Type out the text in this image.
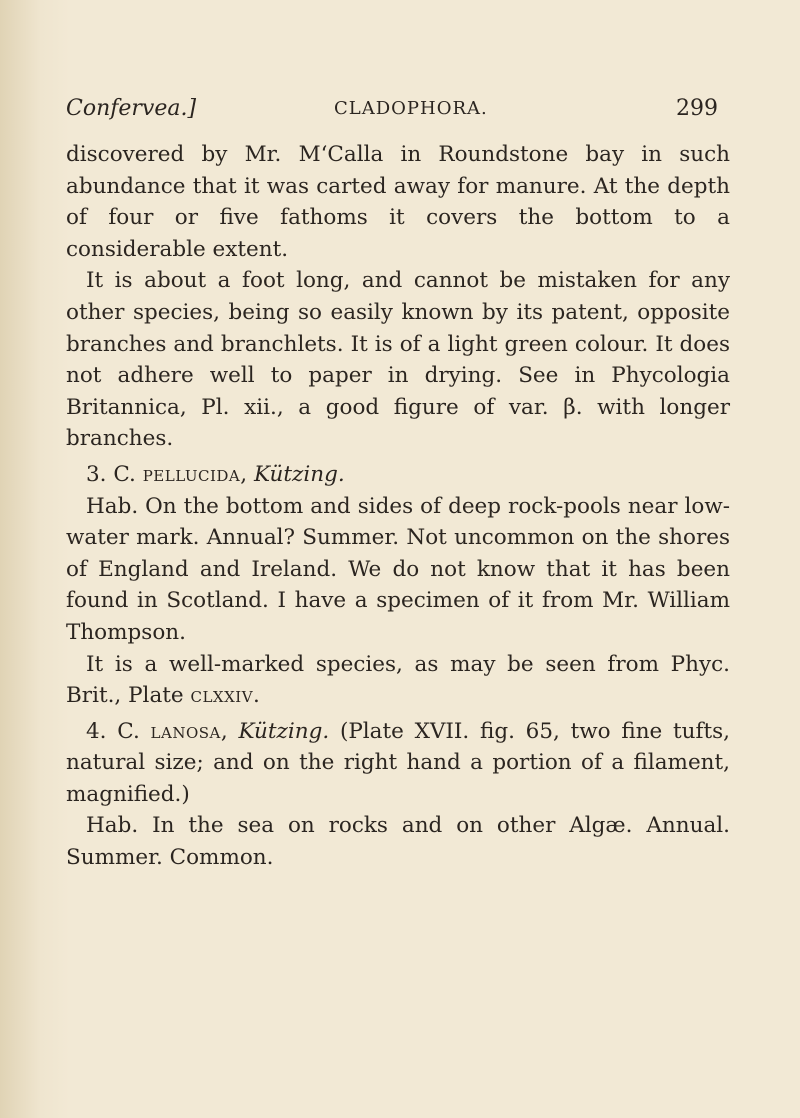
Confervea.]	CLADOPHORA.	299

discovered by Mr. M‘Calla in Roundstone bay in such abundance that it was carted away for manure. At the depth of four or five fathoms it covers the bottom to a considerable extent.

It is about a foot long, and cannot be mistaken for any other species, being so easily known by its patent, opposite branches and branchlets. It is of a light green colour. It does not adhere well to paper in drying. See in Phycologia Britannica, Pl. xii., a good figure of var. β. with longer branches.

3. C. pellucida, Kützing.

Hab. On the bottom and sides of deep rock-pools near low-water mark. Annual? Summer. Not uncommon on the shores of England and Ireland. We do not know that it has been found in Scotland. I have a specimen of it from Mr. William Thompson.

It is a well-marked species, as may be seen from Phyc. Brit., Plate clxxiv.

4. C. lanosa, Kützing. (Plate XVII. fig. 65, two fine tufts, natural size; and on the right hand a portion of a filament, magnified.)

Hab. In the sea on rocks and on other Algæ. Annual. Summer. Common.
